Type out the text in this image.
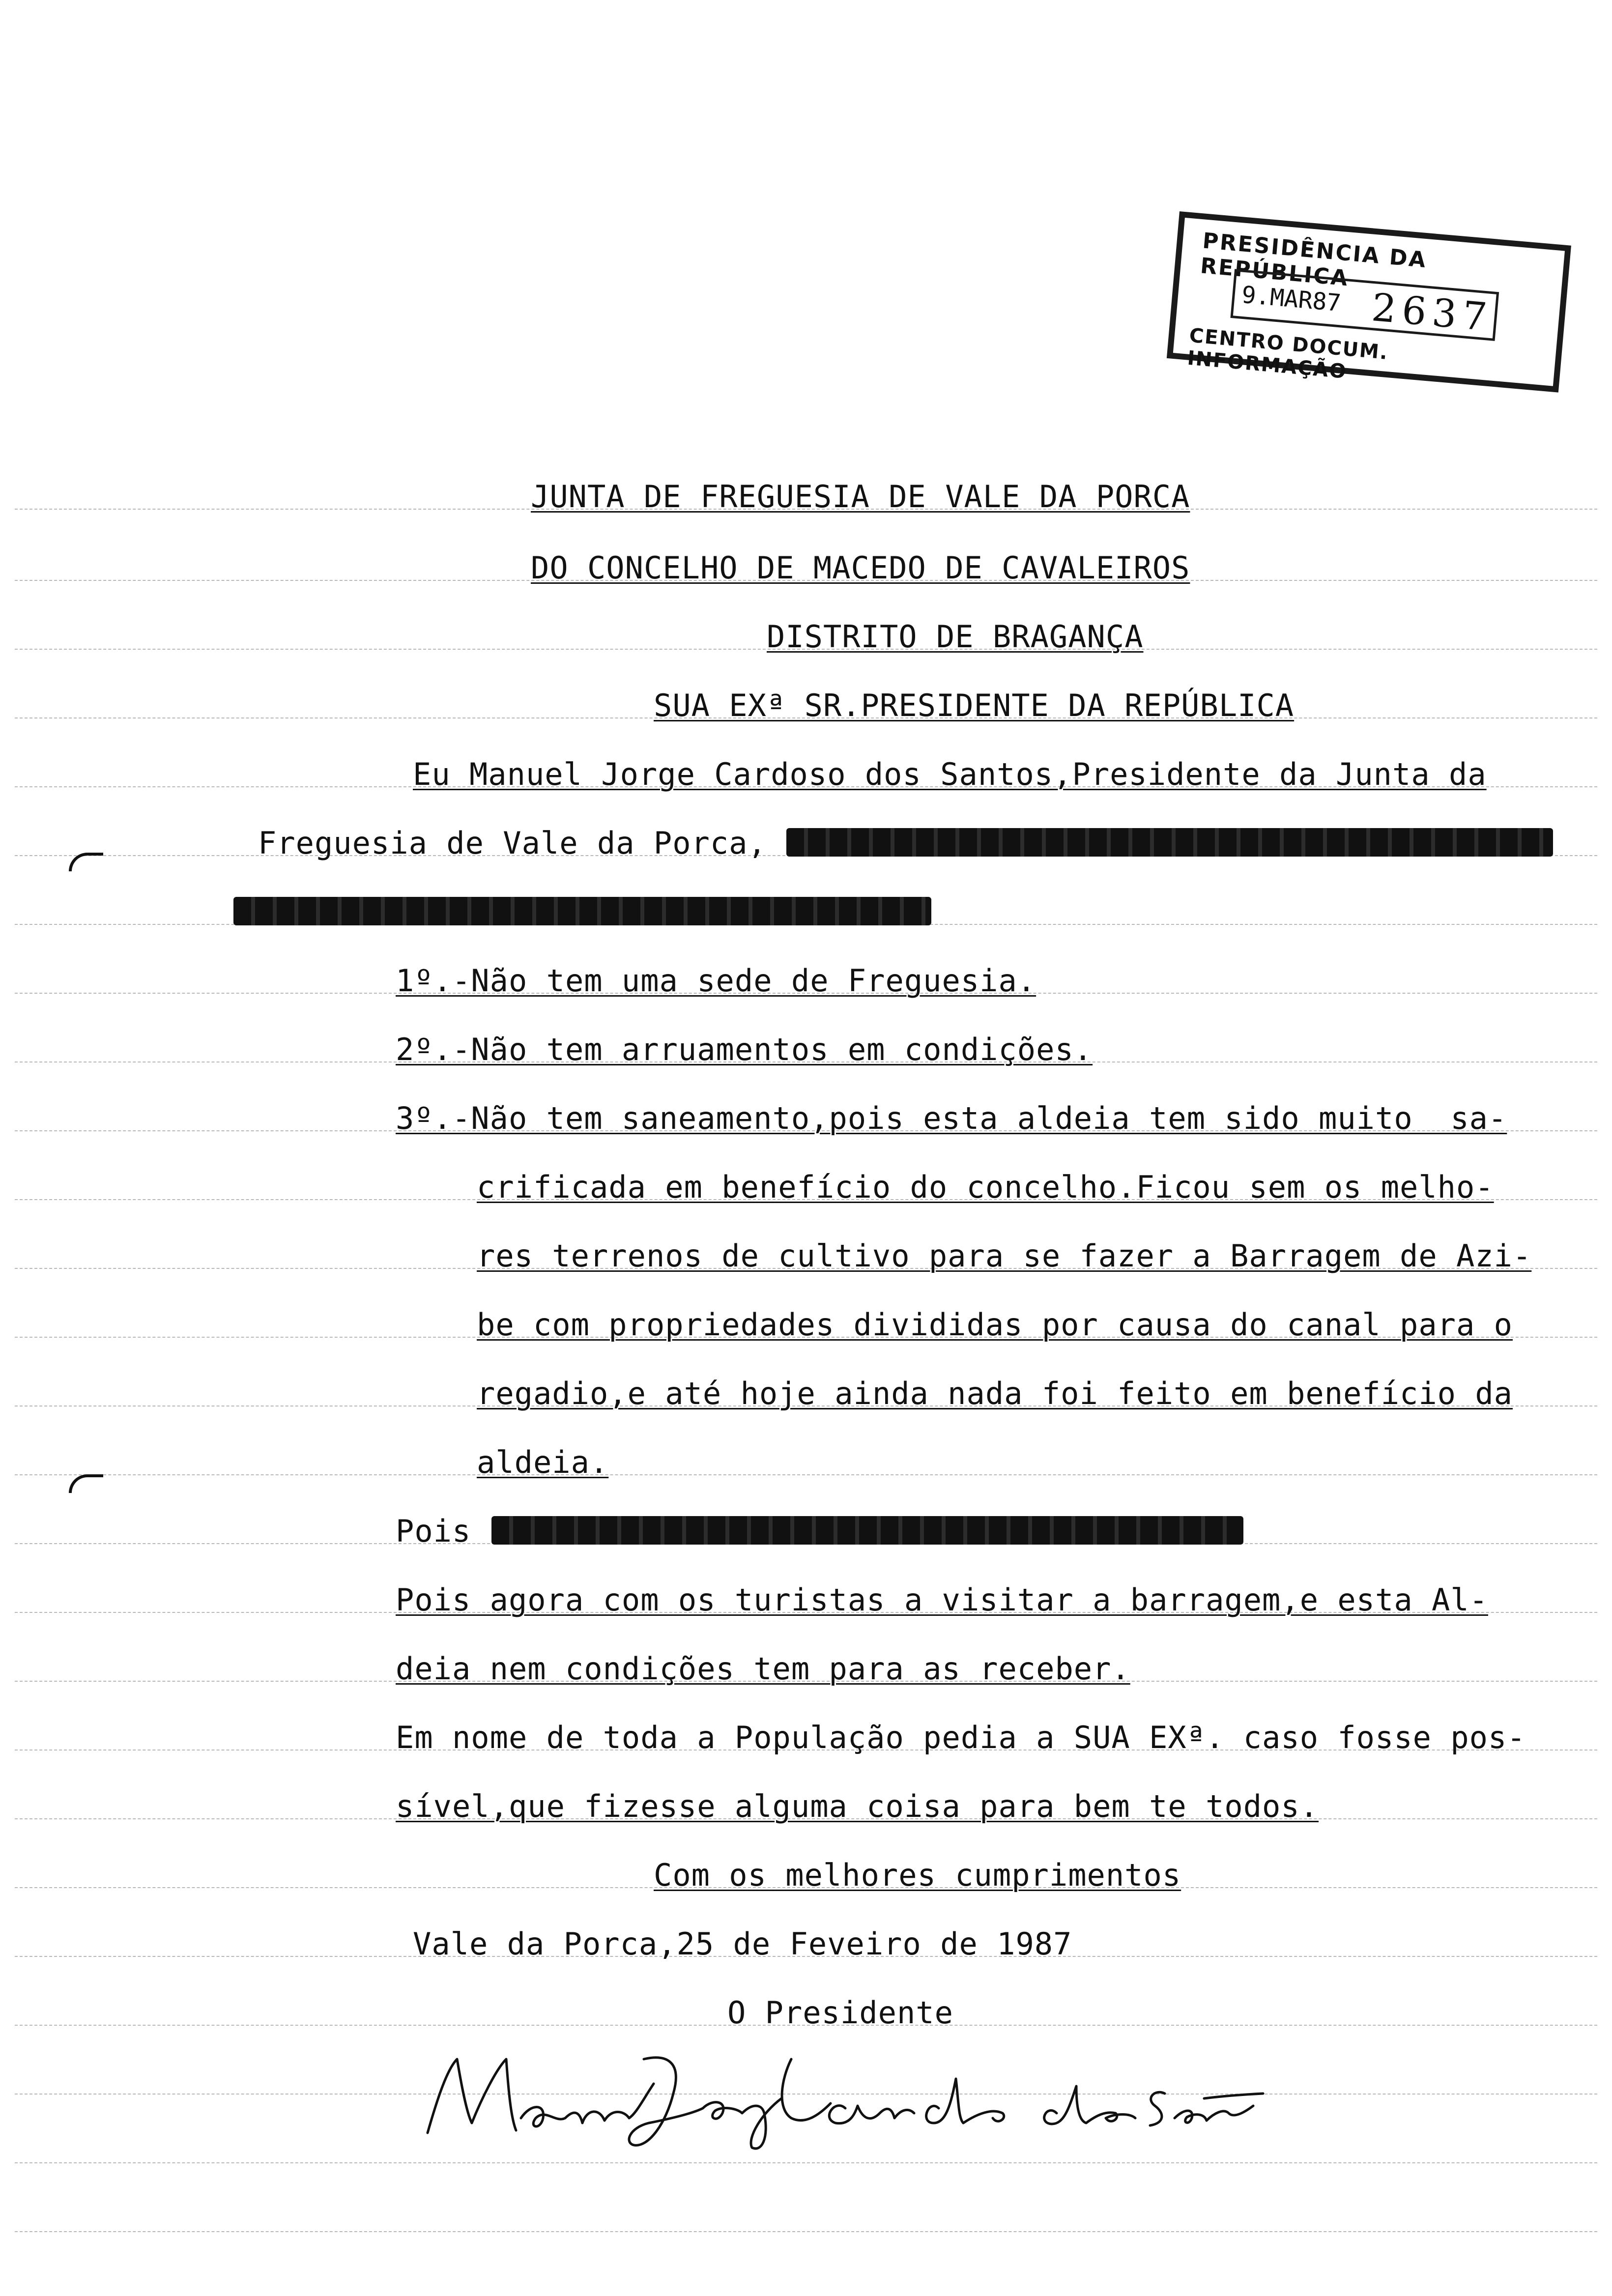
PRESIDÊNCIA DA REPÚBLICA
9.MAR87 2637
CENTRO DOCUM. INFORMAÇÃO
JUNTA DE FREGUESIA DE VALE DA PORCA
DO CONCELHO DE MACEDO DE CAVALEIROS
DISTRITO DE BRAGANÇA
SUA EXª SR.PRESIDENTE DA REPÚBLICA
Eu Manuel Jorge Cardoso dos Santos,Presidente da Junta da
Freguesia de Vale da Porca,
1º.-Não tem uma sede de Freguesia.
2º.-Não tem arruamentos em condições.
3º.-Não tem saneamento,pois esta aldeia tem sido muito  sa-
crificada em benefício do concelho.Ficou sem os melho-
res terrenos de cultivo para se fazer a Barragem de Azi-
be com propriedades divididas por causa do canal para o
regadio,e até hoje ainda nada foi feito em benefício da
aldeia.
Pois
Pois agora com os turistas a visitar a barragem,e esta Al-
deia nem condições tem para as receber.
Em nome de toda a População pedia a SUA EXª. caso fosse pos-
sível,que fizesse alguma coisa para bem te todos.
Com os melhores cumprimentos
Vale da Porca,25 de Feveiro de 1987
O Presidente
